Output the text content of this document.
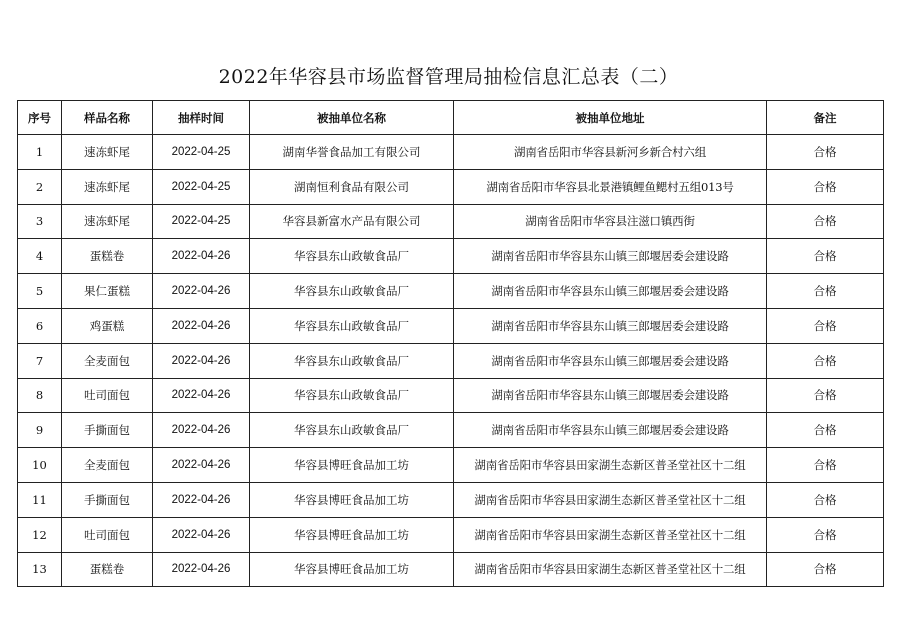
2022年华容县市场监督管理局抽检信息汇总表（二）
序号	样品名称	抽样时间	被抽单位名称	被抽单位地址	备注
1	速冻虾尾	2022-04-25	湖南华誉食品加工有限公司	湖南省岳阳市华容县新河乡新合村六组	合格
2	速冻虾尾	2022-04-25	湖南恒利食品有限公司	湖南省岳阳市华容县北景港镇鲤鱼鳃村五组013号	合格
3	速冻虾尾	2022-04-25	华容县新富水产品有限公司	湖南省岳阳市华容县注滋口镇西街	合格
4	蛋糕卷	2022-04-26	华容县东山政敏食品厂	湖南省岳阳市华容县东山镇三郎堰居委会建设路	合格
5	果仁蛋糕	2022-04-26	华容县东山政敏食品厂	湖南省岳阳市华容县东山镇三郎堰居委会建设路	合格
6	鸡蛋糕	2022-04-26	华容县东山政敏食品厂	湖南省岳阳市华容县东山镇三郎堰居委会建设路	合格
7	全麦面包	2022-04-26	华容县东山政敏食品厂	湖南省岳阳市华容县东山镇三郎堰居委会建设路	合格
8	吐司面包	2022-04-26	华容县东山政敏食品厂	湖南省岳阳市华容县东山镇三郎堰居委会建设路	合格
9	手撕面包	2022-04-26	华容县东山政敏食品厂	湖南省岳阳市华容县东山镇三郎堰居委会建设路	合格
10	全麦面包	2022-04-26	华容县博旺食品加工坊	湖南省岳阳市华容县田家湖生态新区普圣堂社区十二组	合格
11	手撕面包	2022-04-26	华容县博旺食品加工坊	湖南省岳阳市华容县田家湖生态新区普圣堂社区十二组	合格
12	吐司面包	2022-04-26	华容县博旺食品加工坊	湖南省岳阳市华容县田家湖生态新区普圣堂社区十二组	合格
13	蛋糕卷	2022-04-26	华容县博旺食品加工坊	湖南省岳阳市华容县田家湖生态新区普圣堂社区十二组	合格
